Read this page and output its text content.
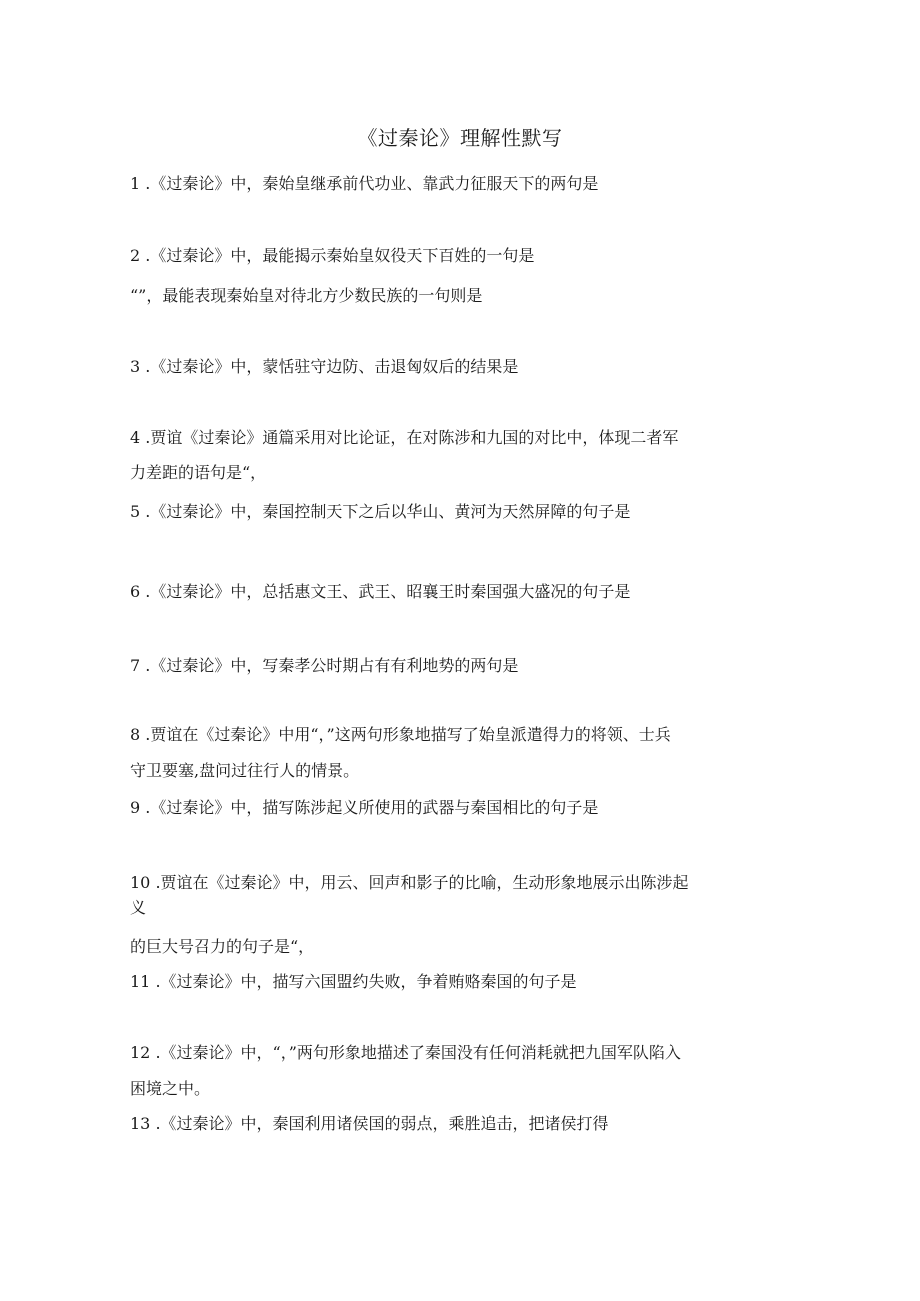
《过秦论》理解性默写
1 .《过秦论》中，秦始皇继承前代功业、靠武力征服天下的两句是
2 .《过秦论》中，最能揭示秦始皇奴役天下百姓的一句是
“”，最能表现秦始皇对待北方少数民族的一句则是
3 .《过秦论》中，蒙恬驻守边防、击退匈奴后的结果是
4 .贾谊《过秦论》通篇采用对比论证，在对陈涉和九国的对比中，体现二者军
力差距的语句是“，
5 .《过秦论》中，秦国控制天下之后以华山、黄河为天然屏障的句子是
6 .《过秦论》中，总括惠文王、武王、昭襄王时秦国强大盛况的句子是
7 .《过秦论》中，写秦孝公时期占有有利地势的两句是
8 .贾谊在《过秦论》中用“，”这两句形象地描写了始皇派遣得力的将领、士兵
守卫要塞,盘问过往行人的情景。
9 .《过秦论》中，描写陈涉起义所使用的武器与秦国相比的句子是
10 .贾谊在《过秦论》中，用云、回声和影子的比喻，生动形象地展示出陈涉起
义
的巨大号召力的句子是“，
11 .《过秦论》中，描写六国盟约失败，争着贿赂秦国的句子是
12 .《过秦论》中，“，”两句形象地描述了秦国没有任何消耗就把九国军队陷入
困境之中。
13 .《过秦论》中，秦国利用诸侯国的弱点，乘胜追击，把诸侯打得
